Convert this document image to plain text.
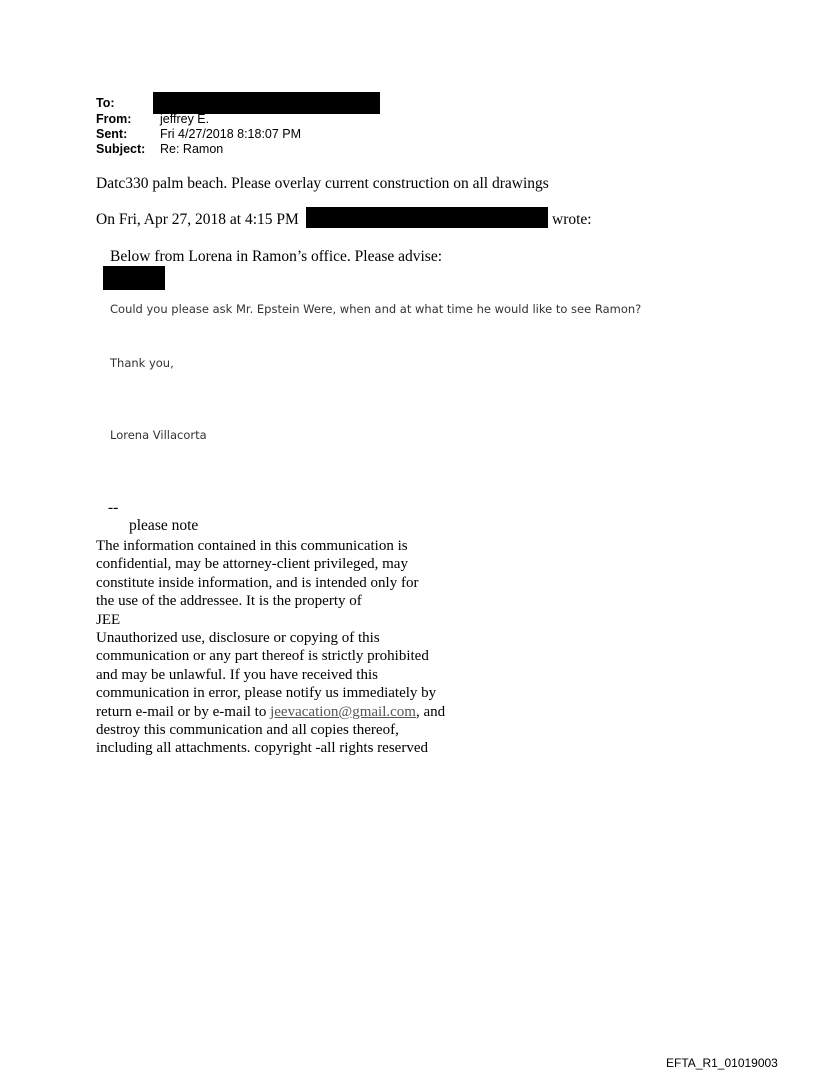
To:
From: jeffrey E.
Sent:	Fri 4/27/2018 8:18:07 PM
Subject: Re: Ramon
Datc330 palm beach. Please overlay current construction on all drawings
On Fri, Apr 27, 2018 at 4:15 PM	wrote:
Below from Lorena in Ramon’s office. Please advise:
Could you please ask Mr. Epstein Were, when and at what time he would like to see Ramon?
Thank you,
Lorena Villacorta
--
please note
The information contained in this communication is
confidential, may be attorney-client privileged, may
constitute inside information, and is intended only for
the use of the addressee. It is the property of
JEE
Unauthorized use, disclosure or copying of this
communication or any part thereof is strictly prohibited
and may be unlawful. If you have received this
communication in error, please notify us immediately by
return e-mail or by e-mail to jeevacation@gmail.com, and
destroy this communication and all copies thereof,
including all attachments. copyright -all rights reserved
EFTA_R1_01019003
